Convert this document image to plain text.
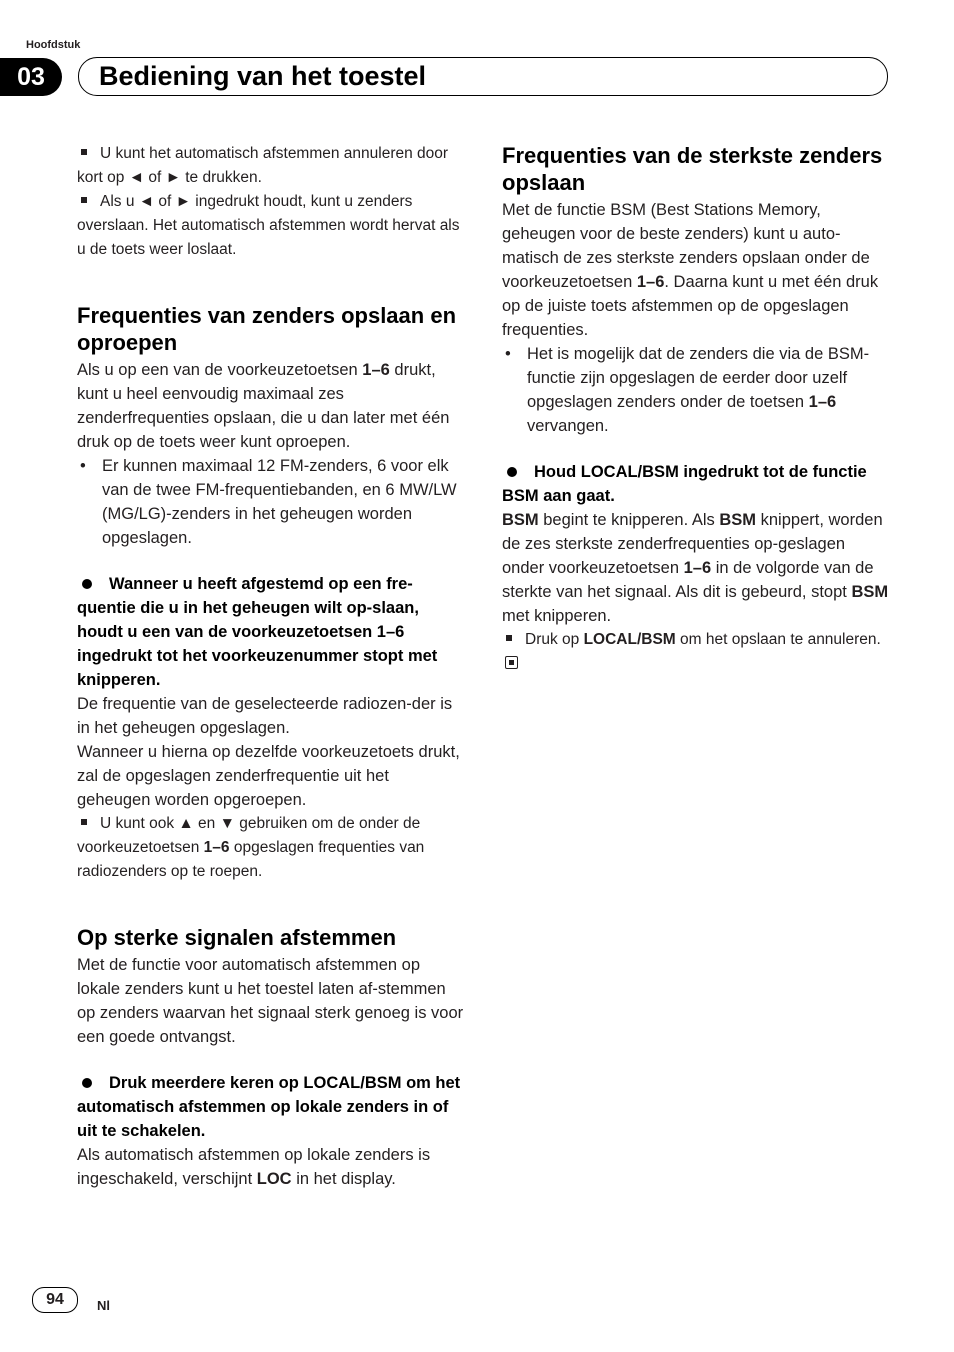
Hoofdstuk
03	Bediening van het toestel

U kunt het automatisch afstemmen annuleren door kort op ◄ of ► te drukken.

Als u ◄ of ► ingedrukt houdt, kunt u zenders overslaan. Het automatisch afstemmen wordt hervat als u de toets weer loslaat.

Frequenties van zenders opslaan en oproepen

Als u op een van de voorkeuzetoetsen 1–6 drukt, kunt u heel eenvoudig maximaal zes zenderfrequenties opslaan, die u dan later met één druk op de toets weer kunt oproepen.

• Er kunnen maximaal 12 FM-zenders, 6 voor elk van de twee FM-frequentiebanden, en 6 MW/LW (MG/LG)-zenders in het geheugen worden opgeslagen.
Wanneer u heeft afgestemd op een fre-quentie die u in het geheugen wilt op-slaan, houdt u een van de voorkeuzetoetsen 1–6 ingedrukt tot het voorkeuzenummer stopt met knipperen.

De frequentie van de geselecteerde radiozen-der is in het geheugen opgeslagen.

Wanneer u hierna op dezelfde voorkeuzetoets drukt, zal de opgeslagen zenderfrequentie uit het geheugen worden opgeroepen.

U kunt ook ▲ en ▼ gebruiken om de onder de voorkeuzetoetsen 1–6 opgeslagen frequenties van radiozenders op te roepen.

Op sterke signalen afstemmen

Met de functie voor automatisch afstemmen op lokale zenders kunt u het toestel laten af-stemmen op zenders waarvan het signaal sterk genoeg is voor een goede ontvangst.

Druk meerdere keren op LOCAL/BSM om het automatisch afstemmen op lokale zenders in of uit te schakelen.

Als automatisch afstemmen op lokale zenders is ingeschakeld, verschijnt LOC in het display.

Frequenties van de sterkste zenders opslaan

Met de functie BSM (Best Stations Memory, geheugen voor de beste zenders) kunt u auto-matisch de zes sterkste zenders opslaan onder de voorkeuzetoetsen 1–6. Daarna kunt u met één druk op de juiste toets afstemmen op de opgeslagen frequenties.

• Het is mogelijk dat de zenders die via de BSM-functie zijn opgeslagen de eerder door uzelf opgeslagen zenders onder de toetsen 1–6 vervangen.
Houd LOCAL/BSM ingedrukt tot de functie BSM aan gaat.

BSM begint te knipperen. Als BSM knippert, worden de zes sterkste zenderfrequenties op-geslagen onder voorkeuzetoetsen 1–6 in de volgorde van de sterkte van het signaal. Als dit is gebeurd, stopt BSM met knipperen.

Druk op LOCAL/BSM om het opslaan te annuleren.

94	Nl
